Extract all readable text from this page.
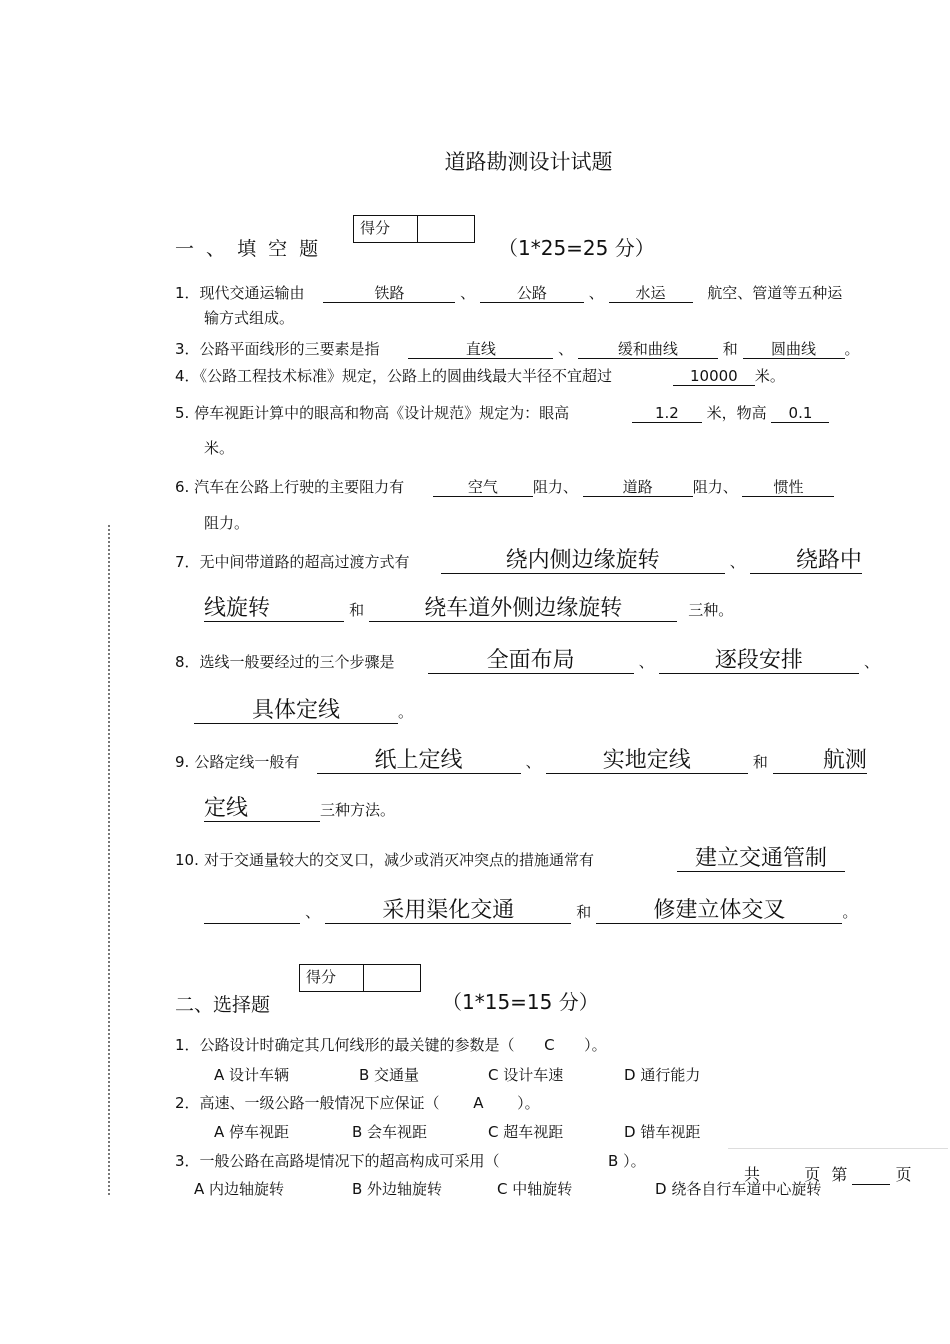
道路勘测设计试题
得分
一 、 填 空 题	（1*25=25 分）
1．现代交通运输由	铁路	、	公路	、 水运	航空、管道等五种运
输方式组成。
3．公路平面线形的三要素是指	直线	、	缓和曲线	和 圆曲线 。
4．《公路工程技术标准》规定，公路上的圆曲线最大半径不宜超过	10000 米。
5. 停车视距计算中的眼高和物高《设计规范》规定为：眼高	1.2 米，物高 0.1
米。
6. 汽车在公路上行驶的主要阻力有	空气 阻力、	道路	阻力、 惯性
阻力。
7．无中间带道路的超高过渡方式有	绕内侧边缘旋转	、 绕路中
线旋转	和	绕车道外侧边缘旋转	三种。
8．选线一般要经过的三个步骤是	全面布局	、	逐段安排	、
具体定线	。
9. 公路定线一般有	纸上定线	、	实地定线	和	航测
定线	三种方法。
10. 对于交通量较大的交叉口，减少或消灭冲突点的措施通常有	建立交通管制
、	采用渠化交通	和	修建立体交叉	。
得分
二、选择题	（1*15=15 分）
1．公路设计时确定其几何线形的最关键的参数是（ C ）。
A 设计车辆	B 交通量	C 设计车速	D 通行能力
2．高速、一级公路一般情况下应保证（ A ）。
A 停车视距	B 会车视距	C 超车视距	D 错车视距
3．一般公路在高路堤情况下的超高构成可采用（	B ）。
A 内边轴旋转	B 外边轴旋转	C 中轴旋转	D 绕各自行车道中心旋转
共	页 第	页
